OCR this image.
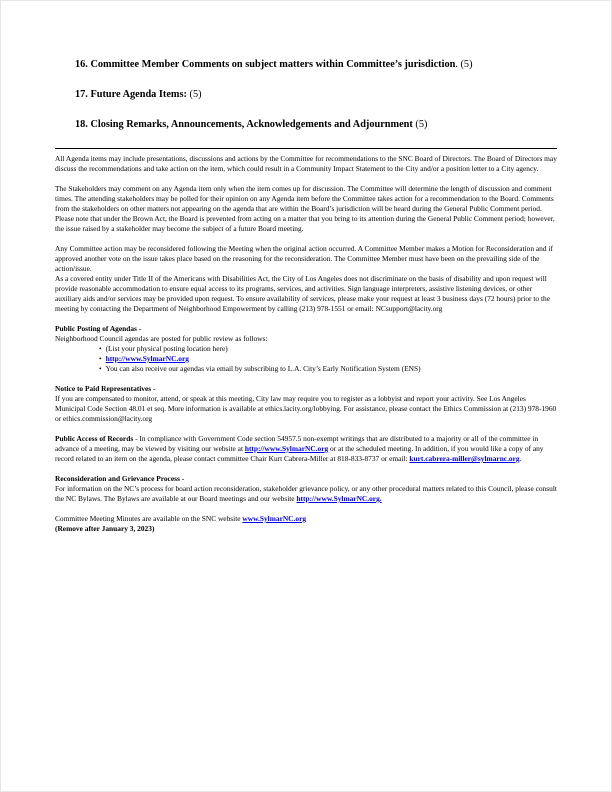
16. Committee Member Comments on subject matters within Committee’s jurisdiction. (5)

17. Future Agenda Items: (5)

18. Closing Remarks, Announcements, Acknowledgements and Adjournment (5)

All Agenda items may include presentations, discussions and actions by the Committee for recommendations to the SNC Board of Directors. The Board of Directors may discuss the recommendations and take action on the item, which could result in a Community Impact Statement to the City and/or a position letter to a City agency.

The Stakeholders may comment on any Agenda item only when the item comes up for discussion. The Committee will determine the length of discussion and comment times. The attending stakeholders may be polled for their opinion on any Agenda item before the Committee takes action for a recommendation to the Board. Comments from the stakeholders on other matters not appearing on the agenda that are within the Board’s jurisdiction will be heard during the General Public Comment period. Please note that under the Brown Act, the Board is prevented from acting on a matter that you bring to its attention during the General Public Comment period; however, the issue raised by a stakeholder may become the subject of a future Board meeting.

Any Committee action may be reconsidered following the Meeting when the original action occurred. A Committee Member makes a Motion for Reconsideration and if approved another vote on the issue takes place based on the reasoning for the reconsideration. The Committee Member must have been on the prevailing side of the action/issue.

As a covered entity under Title II of the Americans with Disabilities Act, the City of Los Angeles does not discriminate on the basis of disability and upon request will provide reasonable accommodation to ensure equal access to its programs, services, and activities. Sign language interpreters, assistive listening devices, or other auxiliary aids and/or services may be provided upon request. To ensure availability of services, please make your request at least 3 business days (72 hours) prior to the meeting by contacting the Department of Neighborhood Empowerment by calling (213) 978-1551 or email: NCsupport@lacity.org

Public Posting of Agendas -
Neighborhood Council agendas are posted for public review as follows:
• (List your physical posting location here)
• http://www.SylmarNC.org
• You can also receive our agendas via email by subscribing to L.A. City’s Early Notification System (ENS)
Notice to Paid Representatives -
If you are compensated to monitor, attend, or speak at this meeting, City law may require you to register as a lobbyist and report your activity. See Los Angeles Municipal Code Section 48.01 et seq. More information is available at ethics.lacity.org/lobbying. For assistance, please contact the Ethics Commission at (213) 978-1960 or ethics.commission@lacity.org

Public Access of Records - In compliance with Government Code section 54957.5 non-exempt writings that are distributed to a majority or all of the committee in advance of a meeting, may be viewed by visiting our website at http://www.SylmarNC.org or at the scheduled meeting. In addition, if you would like a copy of any record related to an item on the agenda, please contact committee Chair Kurt Cabrera-Miller at 818-833-8737 or email: kurt.cabrera-miller@sylmarnc.org.

Reconsideration and Grievance Process -
For information on the NC’s process for board action reconsideration, stakeholder grievance policy, or any other procedural matters related to this Council, please consult the NC Bylaws. The Bylaws are available at our Board meetings and our website http://www.SylmarNC.org.
Committee Meeting Minutes are available on the SNC website www.SylmarNC.org
(Remove after January 3, 2023)
